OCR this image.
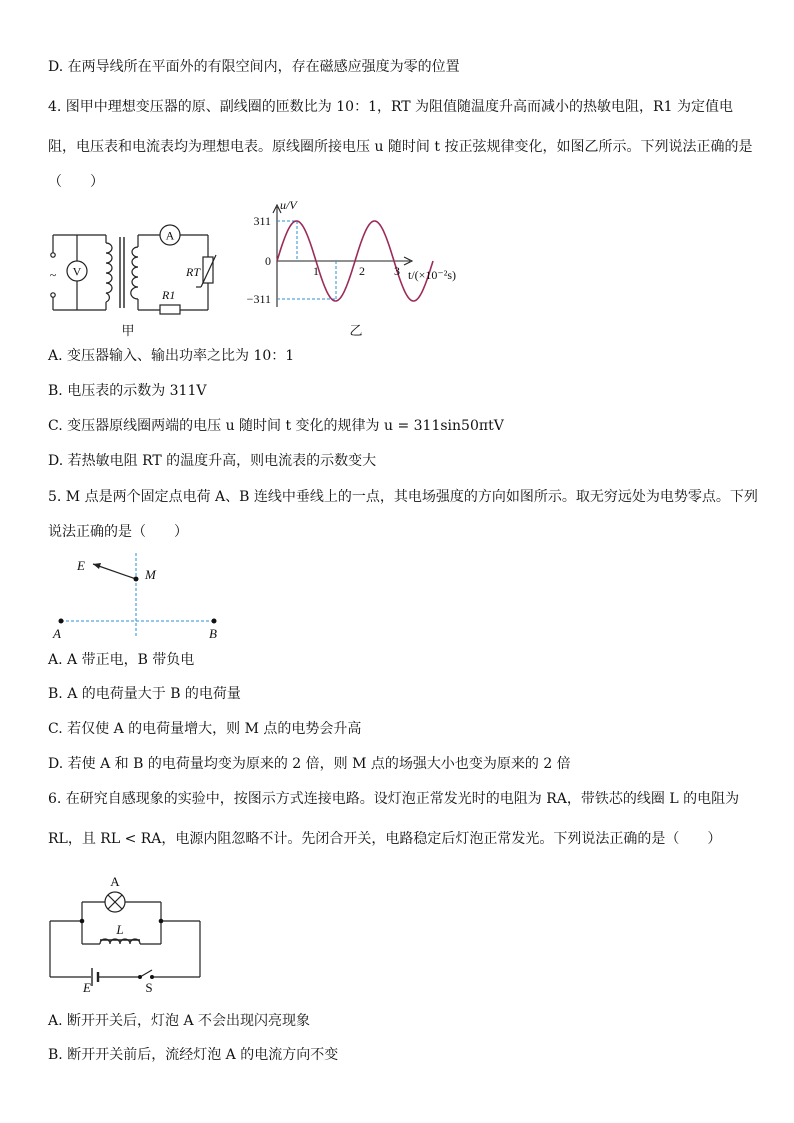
D. 在两导线所在平面外的有限空间内，存在磁感应强度为零的位置
4. 图甲中理想变压器的原、副线圈的匝数比为 10：1，RT 为阻值随温度升高而减小的热敏电阻，R1 为定值电
阻，电压表和电流表均为理想电表。原线圈所接电压 u 随时间 t 按正弦规律变化，如图乙所示。下列说法正确的是
（　　）
V
A
~	RT
R1
甲
u/V
311
0
−311
1	2 3 t/(×10⁻²s)
乙
A. 变压器输入、输出功率之比为 10：1
B. 电压表的示数为 311V
C. 变压器原线圈两端的电压 u 随时间 t 变化的规律为 u = 311sin50πtV
D. 若热敏电阻 RT 的温度升高，则电流表的示数变大
5. M 点是两个固定点电荷 A、B 连线中垂线上的一点，其电场强度的方向如图所示。取无穷远处为电势零点。下列
说法正确的是（　　）
E
M
A	B
A. A 带正电，B 带负电
B. A 的电荷量大于 B 的电荷量
C. 若仅使 A 的电荷量增大，则 M 点的电势会升高
D. 若使 A 和 B 的电荷量均变为原来的 2 倍，则 M 点的场强大小也变为原来的 2 倍
6. 在研究自感现象的实验中，按图示方式连接电路。设灯泡正常发光时的电阻为 RA，带铁芯的线圈 L 的电阻为
RL，且 RL < RA，电源内阻忽略不计。先闭合开关，电路稳定后灯泡正常发光。下列说法正确的是（　　）
A
L
E	S
A. 断开开关后，灯泡 A 不会出现闪亮现象
B. 断开开关前后，流经灯泡 A 的电流方向不变
